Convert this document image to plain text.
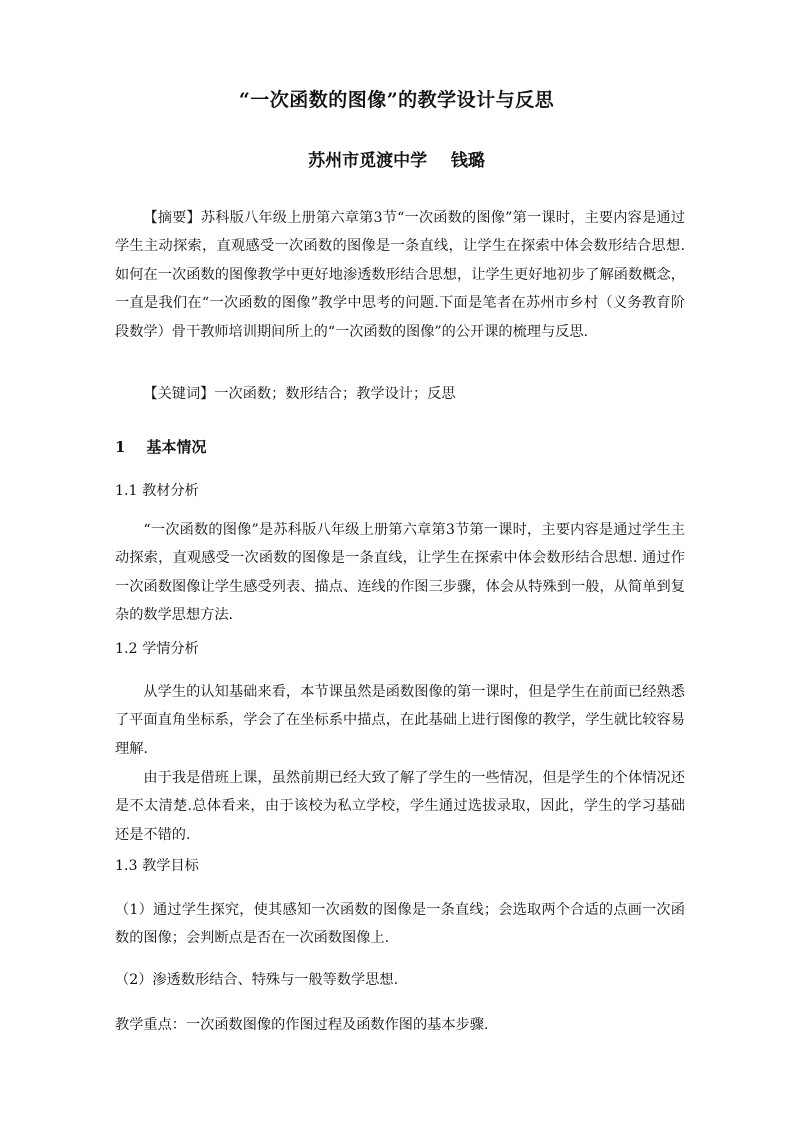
“一次函数的图像”的教学设计与反思
苏州市觅渡中学    钱璐

【摘要】苏科版八年级上册第六章第3节“一次函数的图像”第一课时，主要内容是通过学生主动探索，直观感受一次函数的图像是一条直线，让学生在探索中体会数形结合思想.如何在一次函数的图像教学中更好地渗透数形结合思想，让学生更好地初步了解函数概念，一直是我们在“一次函数的图像”教学中思考的问题.下面是笔者在苏州市乡村（义务教育阶段数学）骨干教师培训期间所上的“一次函数的图像”的公开课的梳理与反思.

【关键词】一次函数；数形结合；教学设计；反思

1    基本情况
1.1 教材分析

“一次函数的图像”是苏科版八年级上册第六章第3节第一课时，主要内容是通过学生主动探索，直观感受一次函数的图像是一条直线，让学生在探索中体会数形结合思想. 通过作一次函数图像让学生感受列表、描点、连线的作图三步骤，体会从特殊到一般，从简单到复杂的数学思想方法.

1.2 学情分析

从学生的认知基础来看，本节课虽然是函数图像的第一课时，但是学生在前面已经熟悉了平面直角坐标系，学会了在坐标系中描点，在此基础上进行图像的教学，学生就比较容易理解.

由于我是借班上课，虽然前期已经大致了解了学生的一些情况，但是学生的个体情况还是不太清楚.总体看来，由于该校为私立学校，学生通过选拔录取，因此，学生的学习基础还是不错的.

1.3 教学目标

（1）通过学生探究，使其感知一次函数的图像是一条直线；会选取两个合适的点画一次函数的图像；会判断点是否在一次函数图像上.

（2）渗透数形结合、特殊与一般等数学思想.

教学重点：一次函数图像的作图过程及函数作图的基本步骤.
